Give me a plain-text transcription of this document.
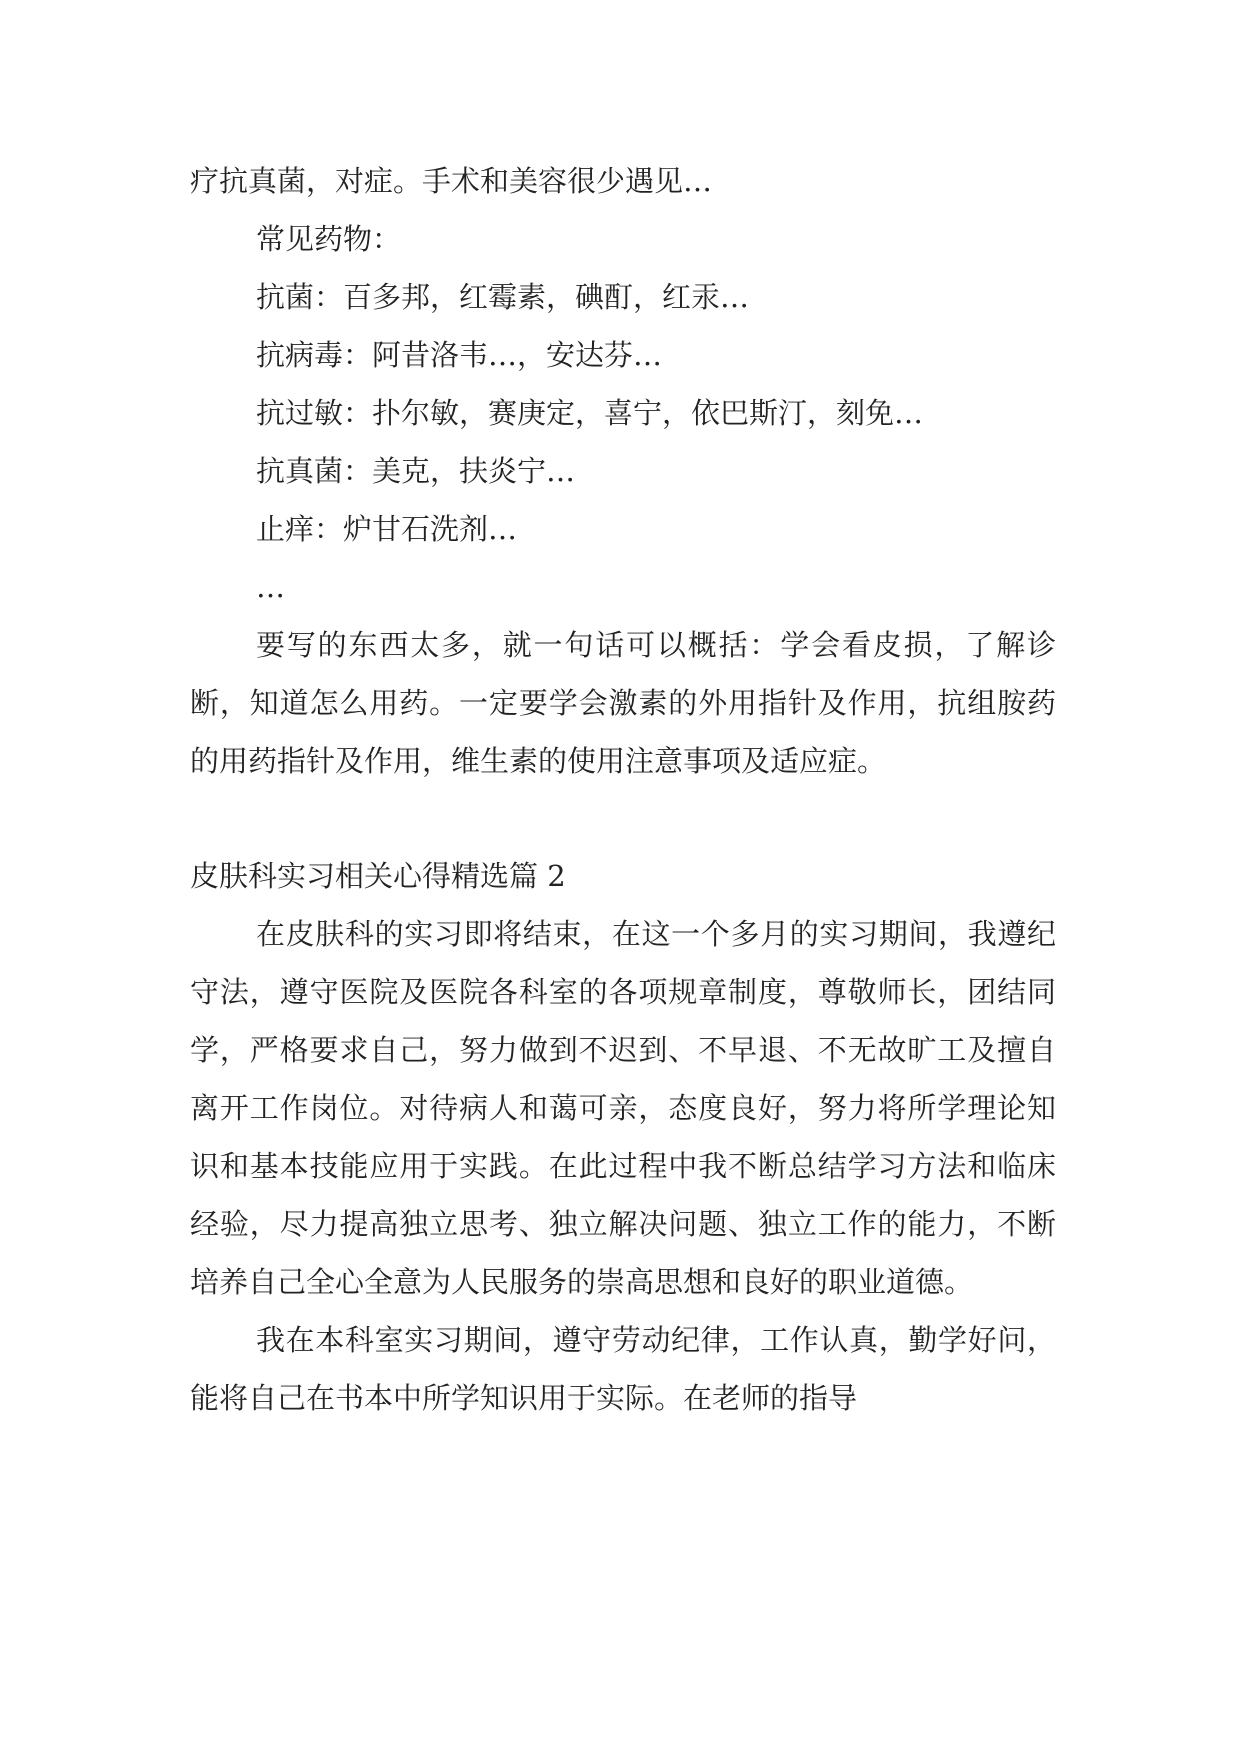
疗抗真菌，对症。手术和美容很少遇见…

常见药物：

抗菌：百多邦，红霉素，碘酊，红汞…

抗病毒：阿昔洛韦…，安达芬…

抗过敏：扑尔敏，赛庚定，喜宁，依巴斯汀，刻免…

抗真菌：美克，扶炎宁…

止痒：炉甘石洗剂…

…

要写的东西太多，就一句话可以概括：学会看皮损，了解诊断，知道怎么用药。一定要学会激素的外用指针及作用，抗组胺药的用药指针及作用，维生素的使用注意事项及适应症。

皮肤科实习相关心得精选篇 2

在皮肤科的实习即将结束，在这一个多月的实习期间，我遵纪守法，遵守医院及医院各科室的各项规章制度，尊敬师长，团结同学，严格要求自己，努力做到不迟到、不早退、不无故旷工及擅自离开工作岗位。对待病人和蔼可亲，态度良好，努力将所学理论知识和基本技能应用于实践。在此过程中我不断总结学习方法和临床经验，尽力提高独立思考、独立解决问题、独立工作的能力，不断培养自己全心全意为人民服务的崇高思想和良好的职业道德。

我在本科室实习期间，遵守劳动纪律，工作认真，勤学好问，能将自己在书本中所学知识用于实际。在老师的指导
